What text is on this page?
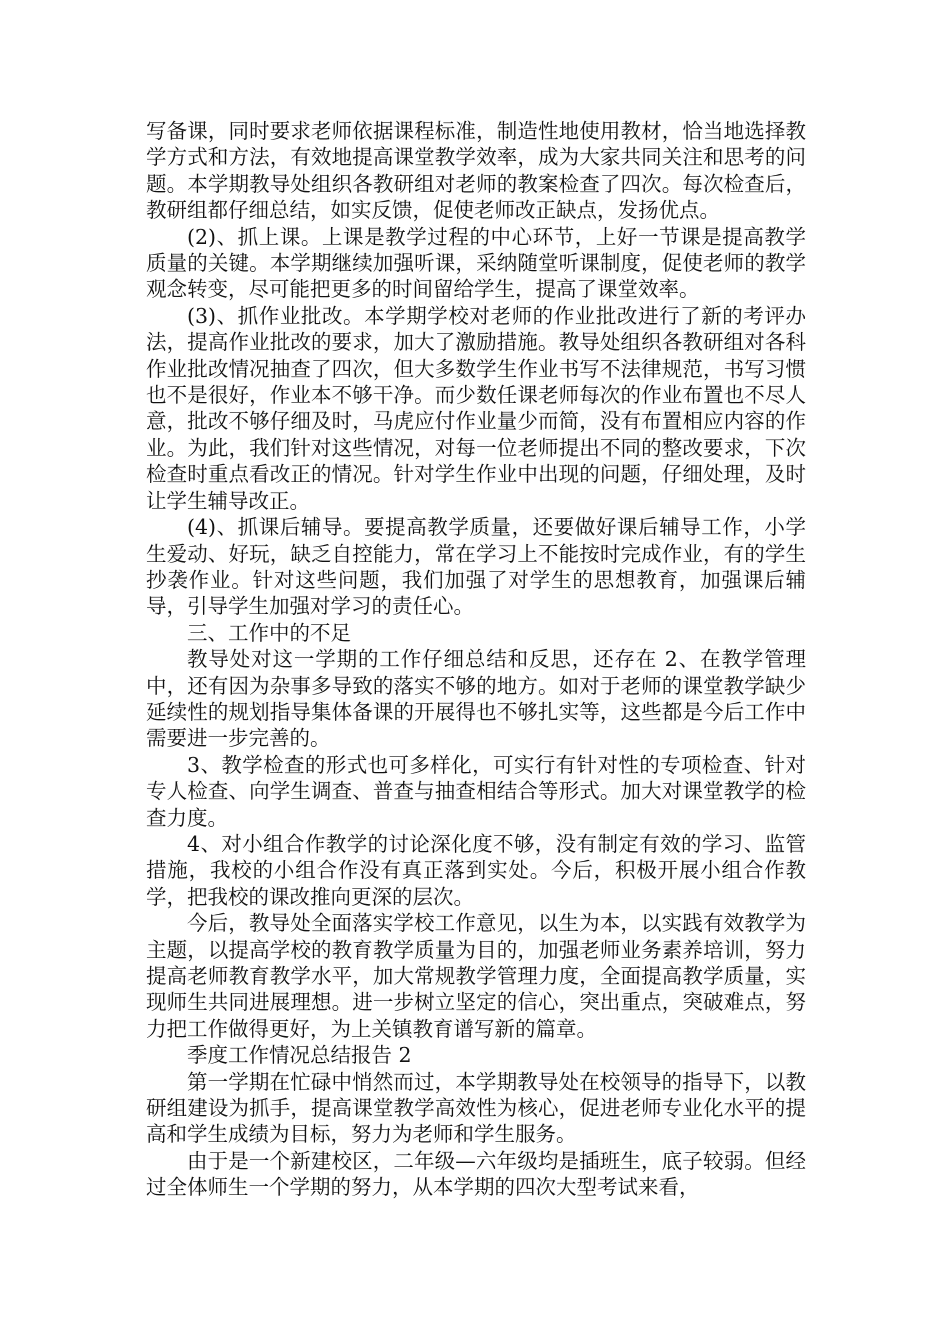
写备课，同时要求老师依据课程标准，制造性地使用教材，恰当地选择教学方式和方法，有效地提高课堂教学效率，成为大家共同关注和思考的问题。本学期教导处组织各教研组对老师的教案检查了四次。每次检查后，教研组都仔细总结，如实反馈，促使老师改正缺点，发扬优点。

(2)、抓上课。上课是教学过程的中心环节，上好一节课是提高教学质量的关键。本学期继续加强听课，采纳随堂听课制度，促使老师的教学观念转变，尽可能把更多的时间留给学生，提高了课堂效率。

(3)、抓作业批改。本学期学校对老师的作业批改进行了新的考评办法，提高作业批改的要求，加大了激励措施。教导处组织各教研组对各科作业批改情况抽查了四次，但大多数学生作业书写不法律规范，书写习惯也不是很好，作业本不够干净。而少数任课老师每次的作业布置也不尽人意，批改不够仔细及时，马虎应付作业量少而简，没有布置相应内容的作业。为此，我们针对这些情况，对每一位老师提出不同的整改要求，下次检查时重点看改正的情况。针对学生作业中出现的问题，仔细处理，及时让学生辅导改正。

(4)、抓课后辅导。要提高教学质量，还要做好课后辅导工作，小学生爱动、好玩，缺乏自控能力，常在学习上不能按时完成作业，有的学生抄袭作业。针对这些问题，我们加强了对学生的思想教育，加强课后辅导，引导学生加强对学习的责任心。

三、工作中的不足

教导处对这一学期的工作仔细总结和反思，还存在 2、在教学管理中，还有因为杂事多导致的落实不够的地方。如对于老师的课堂教学缺少延续性的规划指导集体备课的开展得也不够扎实等，这些都是今后工作中需要进一步完善的。

3、教学检查的形式也可多样化，可实行有针对性的专项检查、针对专人检查、向学生调查、普查与抽查相结合等形式。加大对课堂教学的检查力度。

4、对小组合作教学的讨论深化度不够，没有制定有效的学习、监管措施，我校的小组合作没有真正落到实处。今后，积极开展小组合作教学，把我校的课改推向更深的层次。

今后，教导处全面落实学校工作意见，以生为本，以实践有效教学为主题，以提高学校的教育教学质量为目的，加强老师业务素养培训，努力提高老师教育教学水平，加大常规教学管理力度，全面提高教学质量，实现师生共同进展理想。进一步树立坚定的信心，突出重点，突破难点，努力把工作做得更好，为上关镇教育谱写新的篇章。

季度工作情况总结报告 2

第一学期在忙碌中悄然而过，本学期教导处在校领导的指导下，以教研组建设为抓手，提高课堂教学高效性为核心，促进老师专业化水平的提高和学生成绩为目标，努力为老师和学生服务。

由于是一个新建校区，二年级—六年级均是插班生，底子较弱。但经过全体师生一个学期的努力，从本学期的四次大型考试来看，
